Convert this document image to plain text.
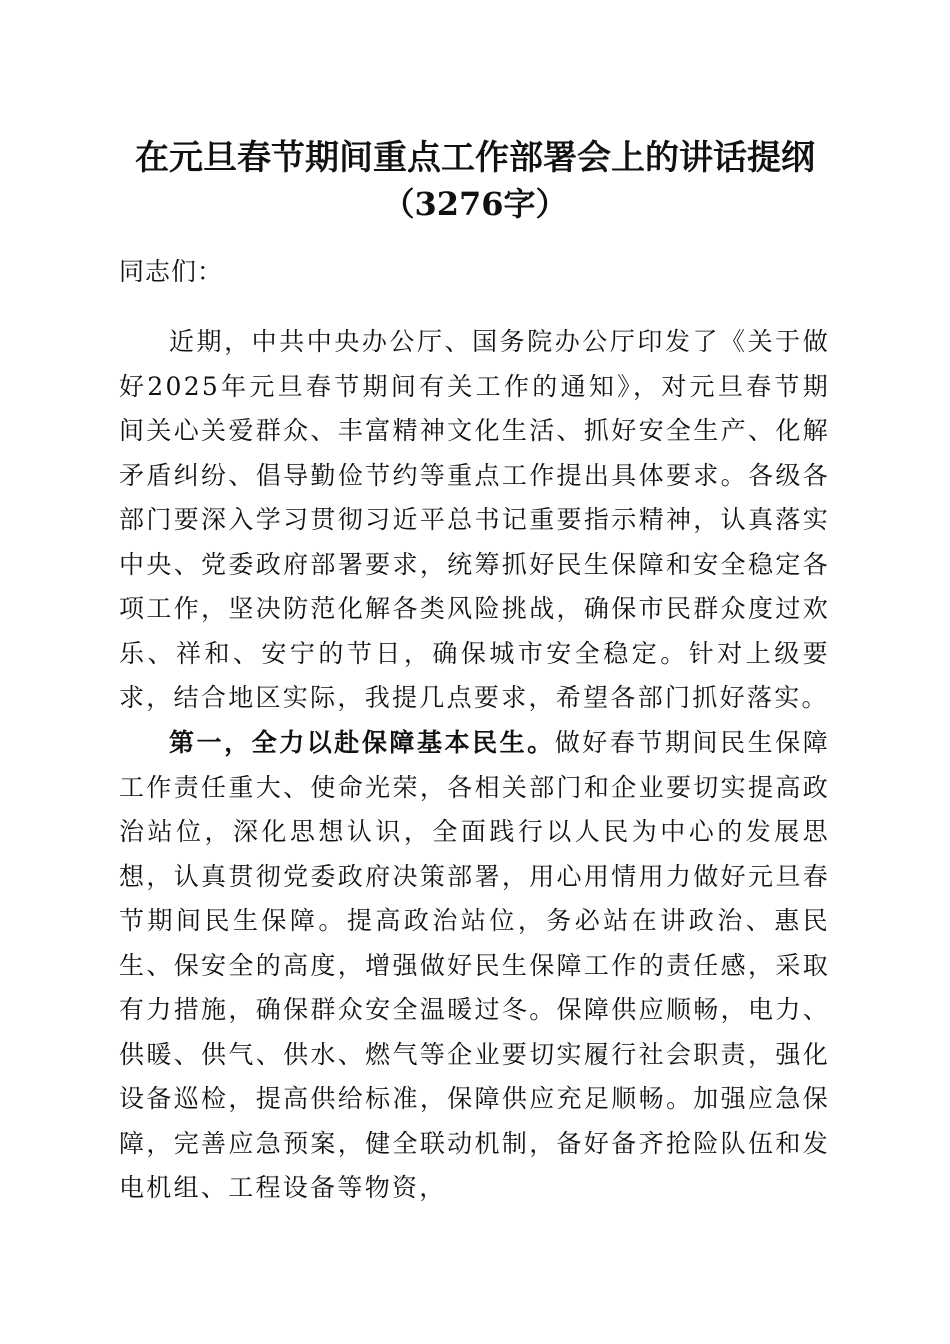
在元旦春节期间重点工作部署会上的讲话提纲
（3276字）
同志们：

近期，中共中央办公厅、国务院办公厅印发了《关于做好2025年元旦春节期间有关工作的通知》，对元旦春节期间关心关爱群众、丰富精神文化生活、抓好安全生产、化解矛盾纠纷、倡导勤俭节约等重点工作提出具体要求。各级各部门要深入学习贯彻习近平总书记重要指示精神，认真落实中央、党委政府部署要求，统筹抓好民生保障和安全稳定各项工作，坚决防范化解各类风险挑战，确保市民群众度过欢乐、祥和、安宁的节日，确保城市安全稳定。针对上级要求，结合地区实际，我提几点要求，希望各部门抓好落实。

第一，全力以赴保障基本民生。做好春节期间民生保障工作责任重大、使命光荣，各相关部门和企业要切实提高政治站位，深化思想认识，全面践行以人民为中心的发展思想，认真贯彻党委政府决策部署，用心用情用力做好元旦春节期间民生保障。提高政治站位，务必站在讲政治、惠民生、保安全的高度，增强做好民生保障工作的责任感，采取有力措施，确保群众安全温暖过冬。保障供应顺畅，电力、供暖、供气、供水、燃气等企业要切实履行社会职责，强化设备巡检，提高供给标准，保障供应充足顺畅。加强应急保障，完善应急预案，健全联动机制，备好备齐抢险队伍和发电机组、工程设备等物资，
